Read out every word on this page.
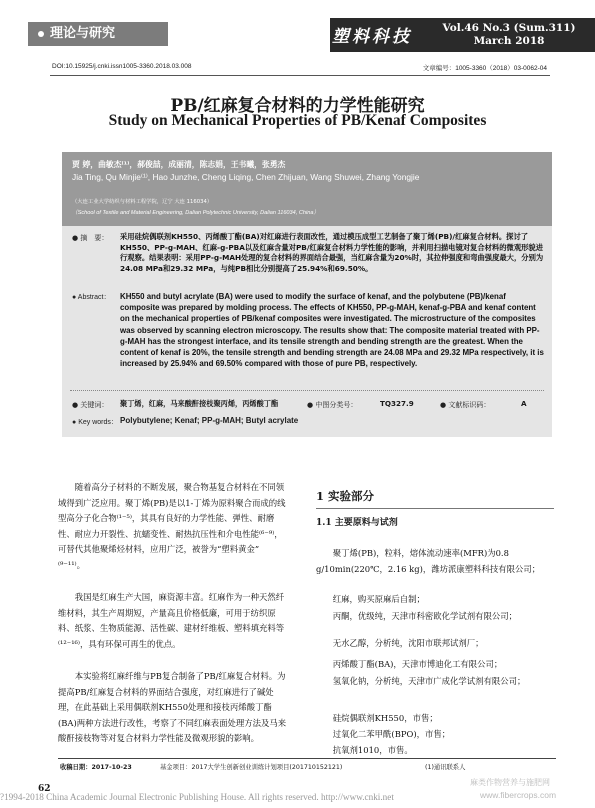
理论与研究	塑料科技	Vol.46 No.3 (Sum.311)
March 2018
DOI:10.15925/j.cnki.issn1005-3360.2018.03.008	文章编号：1005-3360（2018）03-0062-04
PB/红麻复合材料的力学性能研究
Study on Mechanical Properties of PB/Kenaf Composites
贾 婷，曲敏杰⁽¹⁾，郝俊喆，成丽清，陈志娟，王书曦，张勇杰
Jia Ting, Qu Minjie⁽¹⁾, Hao Junzhe, Cheng Liqing, Chen Zhijuan, Wang Shuwei, Zhang Yongjie
（大连工业大学纺织与材料工程学院，辽宁 大连 116034）
（School of Textile and Material Engineering, Dalian Polytechnic University, Dalian 116034, China）
● 摘　要： 采用硅烷偶联剂KH550、丙烯酸丁酯(BA)对红麻进行表面改性，通过模压成型工艺制备了聚丁烯(PB)/红麻复合材料。探讨了KH550、PP-g-MAH、红麻-g-PBA以及红麻含量对PB/红麻复合材料力学性能的影响，并利用扫描电镜对复合材料的微观形貌进行观察。结果表明：采用PP-g-MAH处理的复合材料的界面结合最强，当红麻含量为20%时，其拉伸强度和弯曲强度最大，分别为24.08 MPa和29.32 MPa，与纯PB相比分别提高了25.94%和69.50%。

● Abstract： KH550 and butyl acrylate (BA) were used to modify the surface of kenaf, and the polybutene (PB)/kenaf composite was prepared by molding process. The effects of KH550, PP-g-MAH, kenaf-g-PBA and kenaf content on the mechanical properties of PB/kenaf composites were investigated. The microstructure of the composites was observed by scanning electron microscopy. The results show that: The composite material treated with PP-g-MAH has the strongest interface, and its tensile strength and bending strength are the greatest. When the content of kenaf is 20%, the tensile strength and bending strength are 24.08 MPa and 29.32 MPa respectively, it is increased by 25.94% and 69.50% compared with those of pure PB, respectively.

● 关键词： 聚丁烯，红麻，马来酸酐接枝聚丙烯，丙烯酸丁酯	● 中图分类号：	TQ327.9	● 文献标识码：	A
● Key words： Polybutylene; Kenaf; PP-g-MAH; Butyl acrylate

随着高分子材料的不断发展，聚合物基复合材料在不同领域得到广泛应用。聚丁烯(PB)是以1-丁烯为原料聚合而成的线型高分子化合物⁽¹⁻⁵⁾，其具有良好的力学性能、弹性、耐磨性、耐应力开裂性、抗蠕变性、耐热抗压性和介电性能⁽⁶⁻⁹⁾，可替代其他聚烯烃材料，应用广泛，被誉为“塑料黄金” ⁽⁹⁻¹¹⁾。

我国是红麻生产大国，麻资源丰富。红麻作为一种天然纤维材料，其生产周期短，产量高且价格低廉，可用于纺织原料、纸浆、生物质能源、活性碳、建材纤维板、塑料填充料等⁽¹²⁻¹⁶⁾，具有环保可再生的优点。

本实验将红麻纤维与PB复合制备了PB/红麻复合材料。为提高PB/红麻复合材料的界面结合强度，对红麻进行了碱处理，在此基础上采用偶联剂KH550处理和接枝丙烯酸丁酯(BA)两种方法进行改性，考察了不同红麻表面处理方法及马来酸酐接枝物等对复合材料力学性能及微观形貌的影响。

1 实验部分
1.1 主要原料与试剂

聚丁烯(PB)，粒料，熔体流动速率(MFR)为0.8 g/10min(220℃，2.16 kg)，潍坊派康塑料科技有限公司；

红麻，购买原麻后自制；

丙酮，优级纯，天津市科密欧化学试剂有限公司；

无水乙醇，分析纯，沈阳市联邦试剂厂；

丙烯酸丁酯(BA)，天津市博迪化工有限公司；

氢氧化钠，分析纯，天津市广成化学试剂有限公司；

硅烷偶联剂KH550，市售；

过氧化二苯甲酰(BPO)，市售；

抗氧剂1010，市售。

收稿日期：2017-10-23	基金项目：2017大学生创新创业训练计划项目(201710152121)	(1)通讯联系人
62
?1994-2018 China Academic Journal Electronic Publishing House. All rights reserved. http://www.cnki.net
麻类作物营养与施肥网
www.fibercrops.com
